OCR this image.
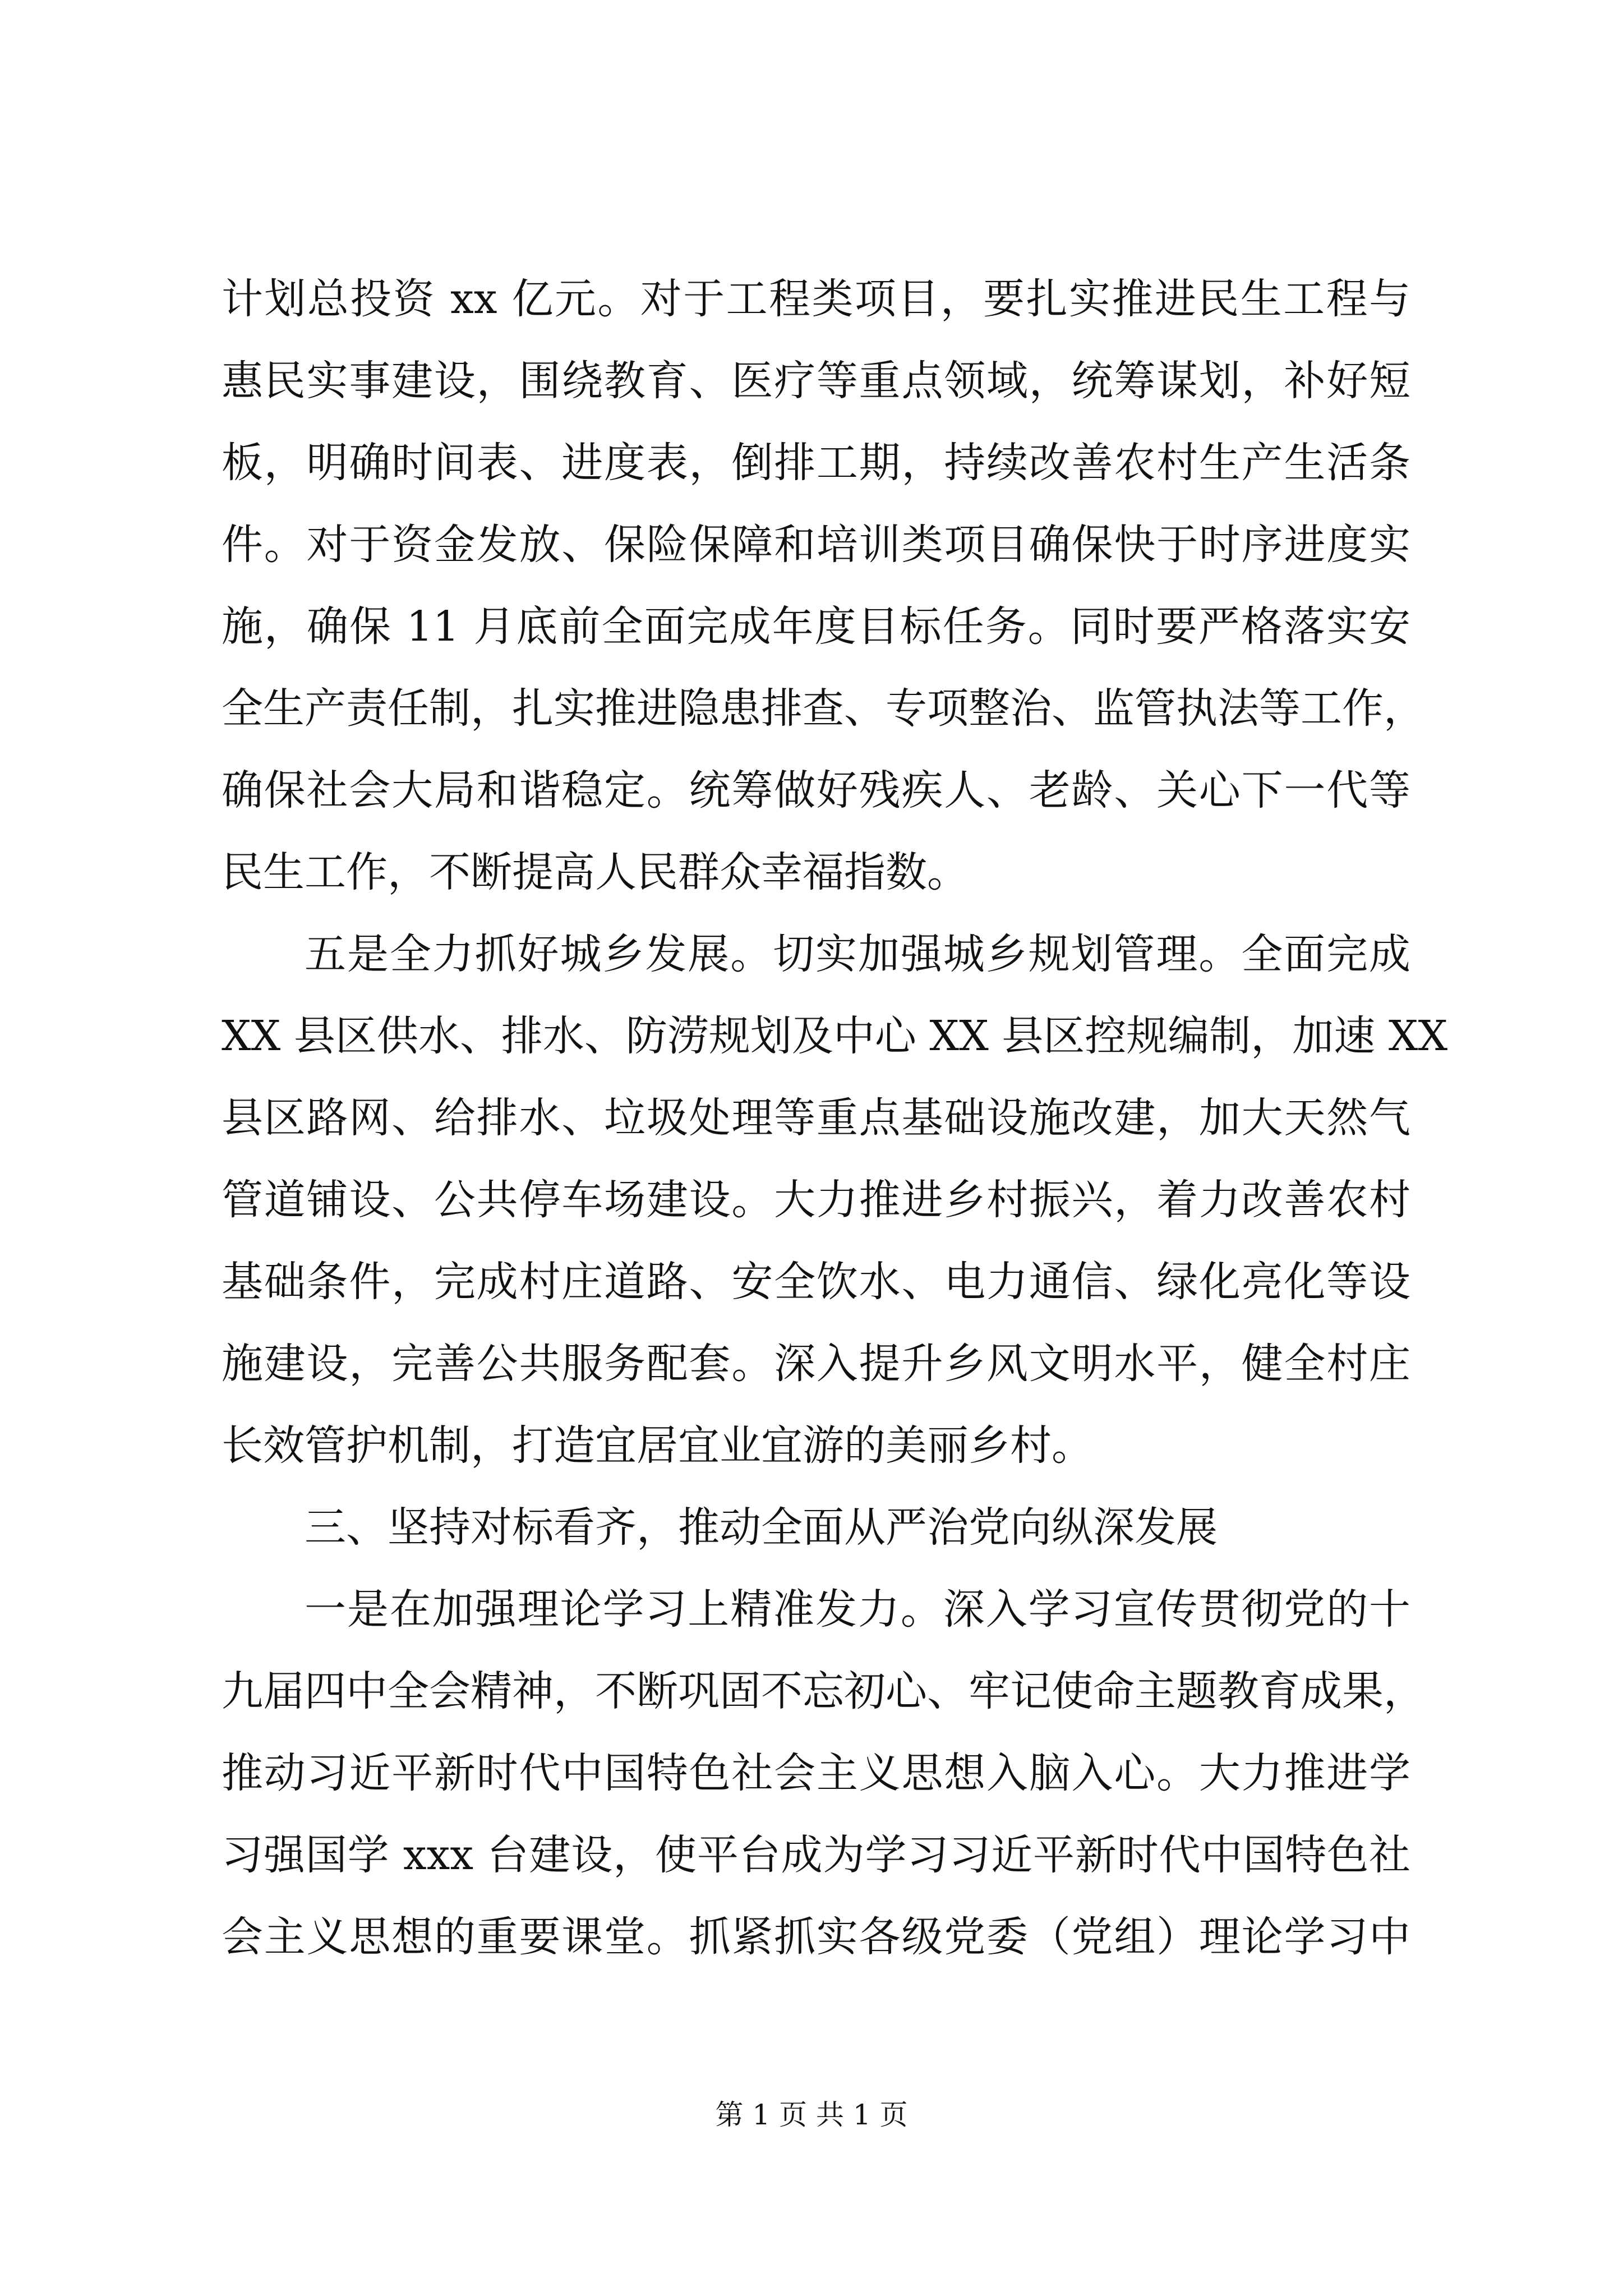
计划总投资 xx 亿元。对于工程类项目，要扎实推进民生工程与
惠民实事建设，围绕教育、医疗等重点领域，统筹谋划，补好短
板，明确时间表、进度表，倒排工期，持续改善农村生产生活条
件。对于资金发放、保险保障和培训类项目确保快于时序进度实
施，确保 11 月底前全面完成年度目标任务。同时要严格落实安
全生产责任制，扎实推进隐患排查、专项整治、监管执法等工作，
确保社会大局和谐稳定。统筹做好残疾人、老龄、关心下一代等
民生工作，不断提高人民群众幸福指数。
五是全力抓好城乡发展。切实加强城乡规划管理。全面完成
XX 县区供水、排水、防涝规划及中心 XX 县区控规编制，加速 XX
县区路网、给排水、垃圾处理等重点基础设施改建，加大天然气
管道铺设、公共停车场建设。大力推进乡村振兴，着力改善农村
基础条件，完成村庄道路、安全饮水、电力通信、绿化亮化等设
施建设，完善公共服务配套。深入提升乡风文明水平，健全村庄
长效管护机制，打造宜居宜业宜游的美丽乡村。
三、坚持对标看齐，推动全面从严治党向纵深发展
一是在加强理论学习上精准发力。深入学习宣传贯彻党的十
九届四中全会精神，不断巩固不忘初心、牢记使命主题教育成果，
推动习近平新时代中国特色社会主义思想入脑入心。大力推进学
习强国学 xxx 台建设，使平台成为学习习近平新时代中国特色社
会主义思想的重要课堂。抓紧抓实各级党委（党组）理论学习中
第 1 页 共 1 页
